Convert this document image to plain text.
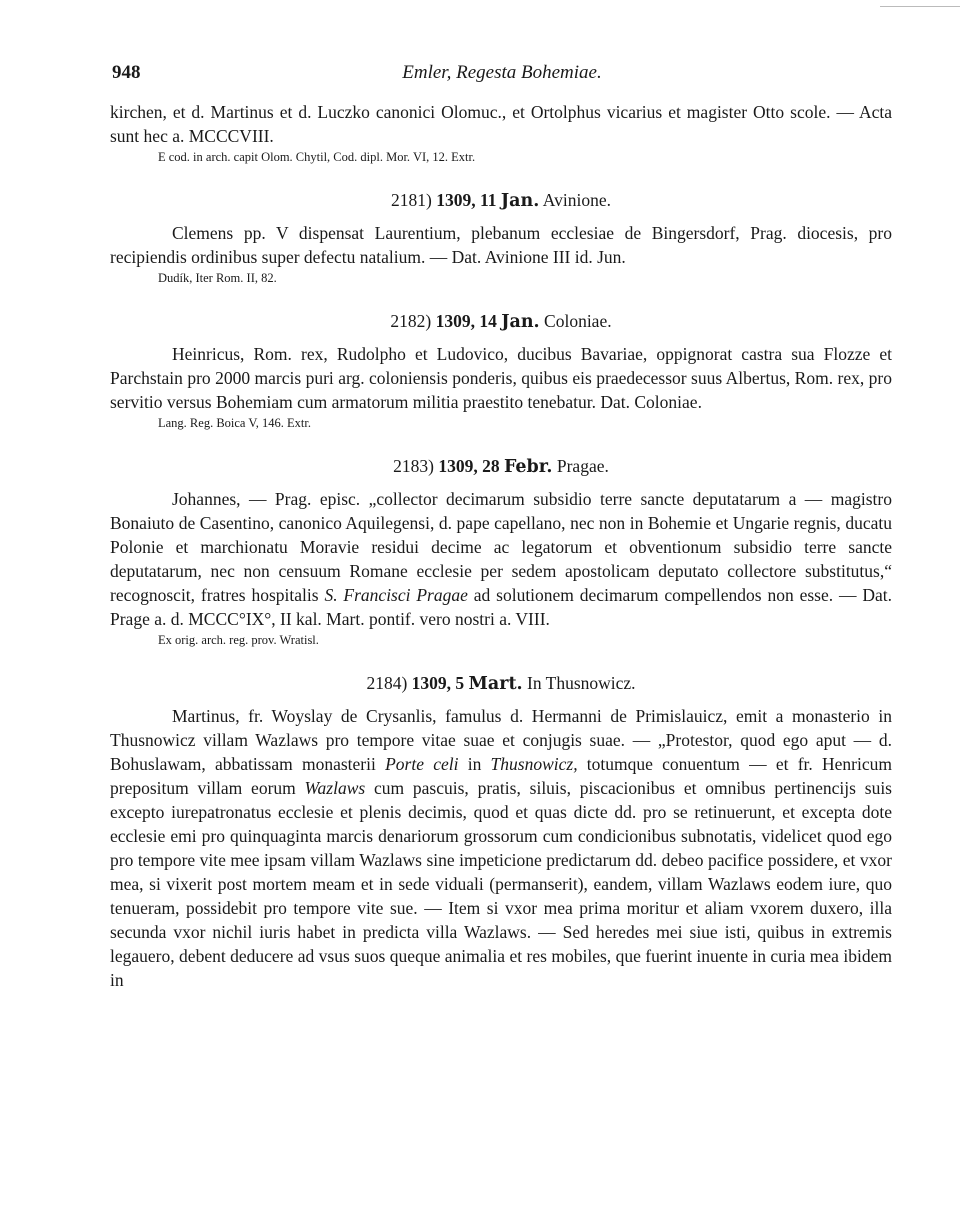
948	Emler, Regesta Bohemiae.

kirchen, et d. Martinus et d. Luczko canonici Olomuc., et Ortolphus vicarius et magister Otto scole. — Acta sunt hec a. MCCCVIII.

E cod. in arch. capit Olom. Chytil, Cod. dipl. Mor. VI, 12. Extr.
2181) 1309, 11 Jan. Avinione.

Clemens pp. V dispensat Laurentium, plebanum ecclesiae de Bingersdorf, Prag. diocesis, pro recipiendis ordinibus super defectu natalium. — Dat. Avinione III id. Jun.

Dudík, Iter Rom. II, 82.
2182) 1309, 14 Jan. Coloniae.

Heinricus, Rom. rex, Rudolpho et Ludovico, ducibus Bavariae, oppignorat castra sua Flozze et Parchstain pro 2000 marcis puri arg. coloniensis ponderis, quibus eis praedecessor suus Albertus, Rom. rex, pro servitio versus Bohemiam cum armatorum militia praestito tenebatur. Dat. Coloniae.

Lang. Reg. Boica V, 146. Extr.
2183) 1309, 28 Febr. Pragae.

Johannes, — Prag. episc. „collector decimarum subsidio terre sancte deputatarum a — magistro Bonaiuto de Casentino, canonico Aquilegensi, d. pape capellano, nec non in Bohemie et Ungarie regnis, ducatu Polonie et marchionatu Moravie residui decime ac legatorum et obventionum subsidio terre sancte deputatarum, nec non censuum Romane ecclesie per sedem apostolicam deputato collectore substitutus,“ recognoscit, fratres hospitalis S. Francisci Pragae ad solutionem decimarum compellendos non esse. — Dat. Prage a. d. MCCC°IX°, II kal. Mart. pontif. vero nostri a. VIII.

Ex orig. arch. reg. prov. Wratisl.
2184) 1309, 5 Mart. In Thusnowicz.

Martinus, fr. Woyslay de Crysanlis, famulus d. Hermanni de Primislauicz, emit a monasterio in Thusnowicz villam Wazlaws pro tempore vitae suae et conjugis suae. — „Protestor, quod ego aput — d. Bohuslawam, abbatissam monasterii Porte celi in Thusnowicz, totumque conuentum — et fr. Henricum prepositum villam eorum Wazlaws cum pascuis, pratis, siluis, piscacionibus et omnibus pertinencijs suis excepto iurepatronatus ecclesie et plenis decimis, quod et quas dicte dd. pro se retinuerunt, et excepta dote ecclesie emi pro quinquaginta marcis denariorum grossorum cum condicionibus subnotatis, videlicet quod ego pro tempore vite mee ipsam villam Wazlaws sine impeticione predictarum dd. debeo pacifice possidere, et vxor mea, si vixerit post mortem meam et in sede viduali (permanserit), eandem, villam Wazlaws eodem iure, quo tenueram, possidebit pro tempore vite sue. — Item si vxor mea prima moritur et aliam vxorem duxero, illa secunda vxor nichil iuris habet in predicta villa Wazlaws. — Sed heredes mei siue isti, quibus in extremis legauero, debent deducere ad vsus suos queque animalia et res mobiles, que fuerint inuente in curia mea ibidem in
